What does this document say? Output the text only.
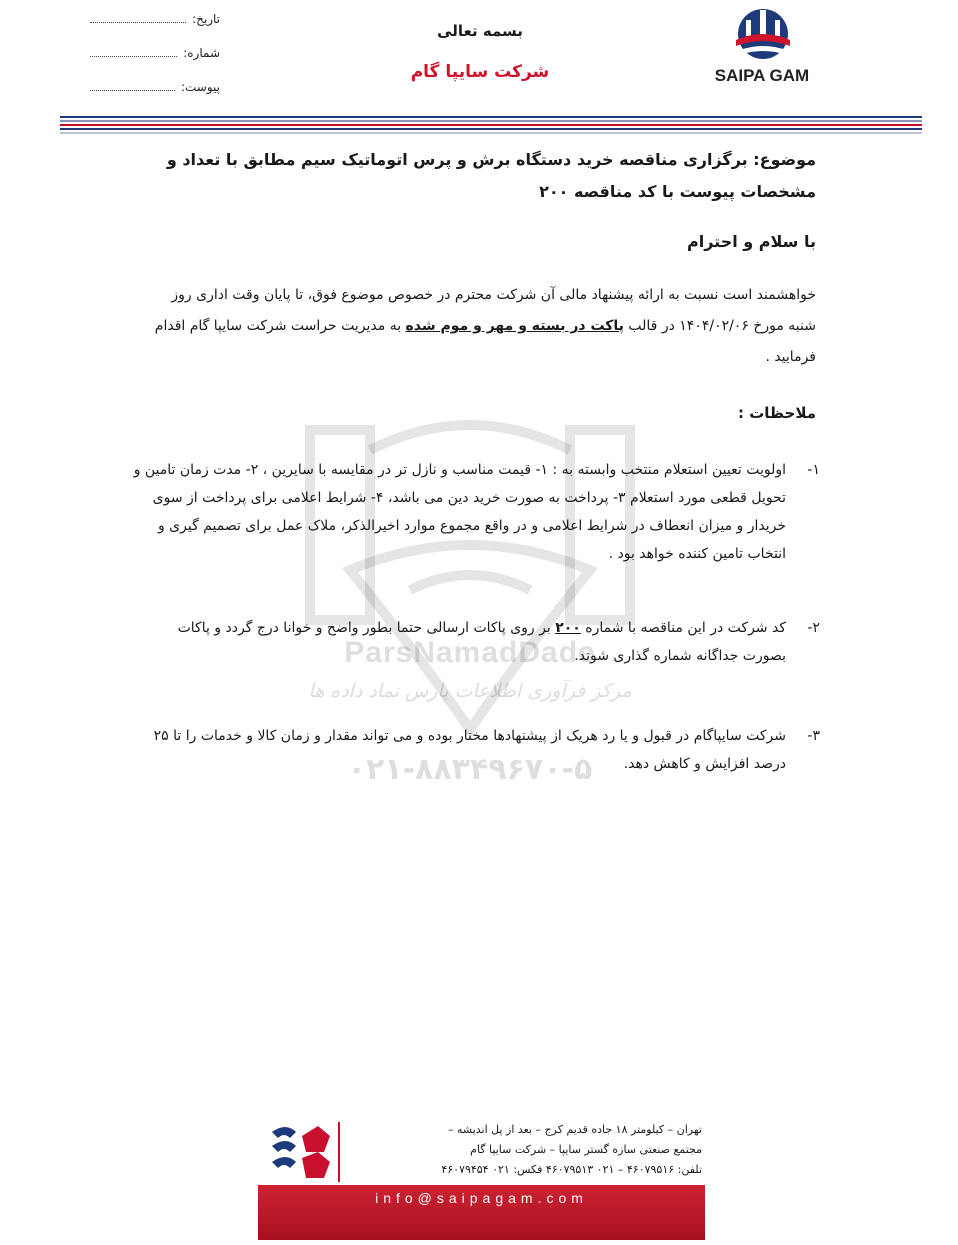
SAIPA GAM
بسمه تعالی
شرکت سایپا گام
تاریخ:
شماره:
پیوست:
ParsNamadDade
مرکز فرآوری اطلاعات پارس نماد داده ها
۰۲۱-۸۸۳۴۹۶۷۰-۵
موضوع: برگزاری مناقصه خرید دستگاه برش و پرس اتوماتیک سیم مطابق با تعداد و مشخصات پیوست با کد مناقصه ۲۰۰
با سلام و احترام
خواهشمند است نسبت به ارائه پیشنهاد مالی آن شرکت محترم در خصوص موضوع فوق، تا پایان وقت اداری روز شنبه مورخ ۱۴۰۴/۰۲/۰۶ در قالب پاکت در بسته و مهر و موم شده به مدیریت حراست شرکت سایپا گام اقدام فرمایید .
ملاحظات :
۱-
اولویت تعیین استعلام منتخب وابسته به : ۱- قیمت مناسب و نازل تر در مقایسه با سایرین ، ۲- مدت زمان تامین و تحویل قطعی مورد استعلام ۳- پرداخت به صورت خرید دین می باشد، ۴- شرایط اعلامی برای پرداخت از سوی خریدار و میزان انعطاف در شرایط اعلامی و در واقع مجموع موارد اخیرالذکر، ملاک عمل برای تصمیم گیری و انتخاب تامین کننده خواهد بود .
۲-
کد شرکت در این مناقصه با شماره ۲۰۰ بر روی پاکات ارسالی حتما بطور واضح و خوانا درج گردد و پاکات بصورت جداگانه شماره گذاری شوند.
۳-
شرکت سایپاگام در قبول و یا رد هریک از پیشنهادها مختار بوده و می تواند مقدار و زمان کالا و خدمات را تا ۲۵ درصد افزایش و کاهش دهد.
تهران – کیلومتر ۱۸ جاده قدیم کرج – بعد از پل اندیشه –
مجتمع صنعتی سازه گستر سایپا – شرکت سایپا گام
تلفن: ۴۶۰۷۹۵۱۶ – ۰۲۱ ۴۶۰۷۹۵۱۳ فکس: ۰۲۱ ۴۶۰۷۹۴۵۴
info@saipagam.com
